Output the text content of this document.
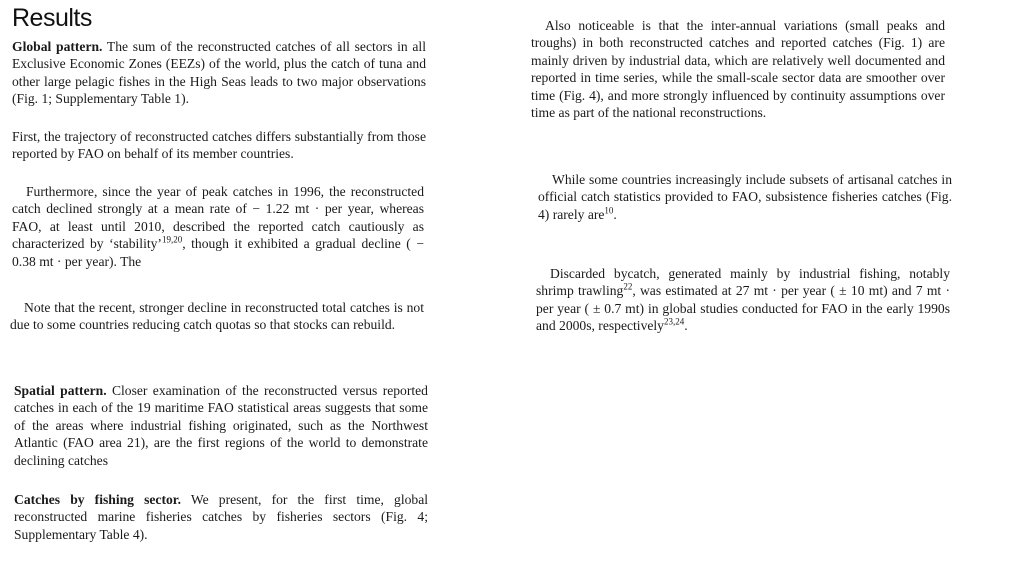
Results

Global pattern. The sum of the reconstructed catches of all sectors in all Exclusive Economic Zones (EEZs) of the world, plus the catch of tuna and other large pelagic fishes in the High Seas leads to two major observations (Fig. 1; Supplementary Table 1).

First, the trajectory of reconstructed catches differs substantially from those reported by FAO on behalf of its member countries.

Furthermore, since the year of peak catches in 1996, the reconstructed catch declined strongly at a mean rate of − 1.22 mt · per year, whereas FAO, at least until 2010, described the reported catch cautiously as characterized by ‘stability’$^{19,20}$, though it exhibited a gradual decline ( − 0.38 mt · per year). The

Note that the recent, stronger decline in reconstructed total catches is not due to some countries reducing catch quotas so that stocks can rebuild.

Spatial pattern. Closer examination of the reconstructed versus reported catches in each of the 19 maritime FAO statistical areas suggests that some of the areas where industrial fishing originated, such as the Northwest Atlantic (FAO area 21), are the first regions of the world to demonstrate declining catches

Catches by fishing sector. We present, for the first time, global reconstructed marine fisheries catches by fisheries sectors (Fig. 4; Supplementary Table 4).

Also noticeable is that the inter-annual variations (small peaks and troughs) in both reconstructed catches and reported catches (Fig. 1) are mainly driven by industrial data, which are relatively well documented and reported in time series, while the small-scale sector data are smoother over time (Fig. 4), and more strongly influenced by continuity assumptions over time as part of the national reconstructions.

While some countries increasingly include subsets of artisanal catches in official catch statistics provided to FAO, subsistence fisheries catches (Fig. 4) rarely are$^{10}$.

Discarded bycatch, generated mainly by industrial fishing, notably shrimp trawling$^{22}$, was estimated at 27 mt · per year ( ± 10 mt) and 7 mt · per year ( ± 0.7 mt) in global studies conducted for FAO in the early 1990s and 2000s, respectively$^{23,24}$.
